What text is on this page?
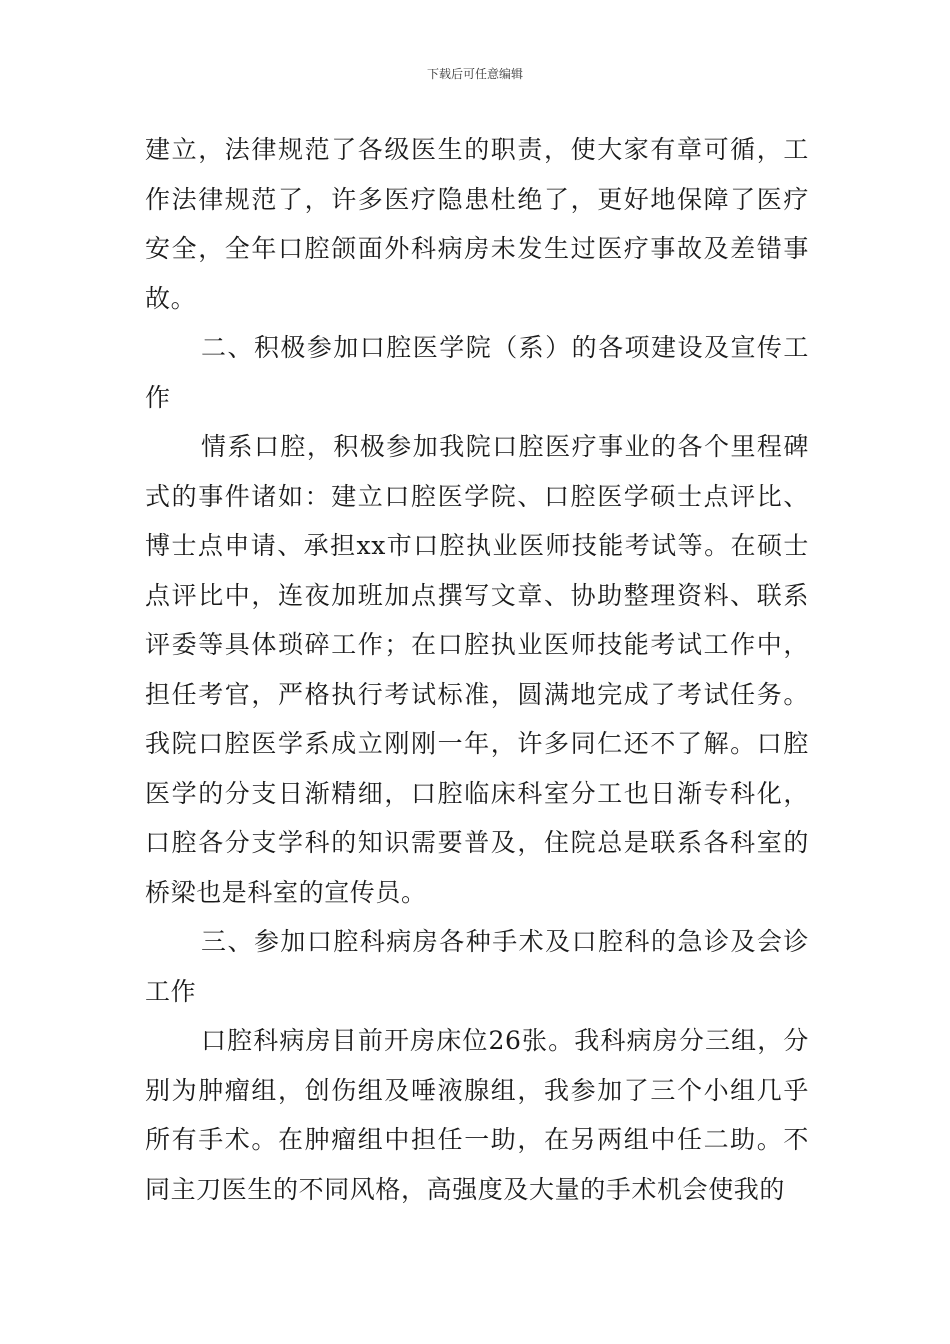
下载后可任意编辑

建立，法律规范了各级医生的职责，使大家有章可循，工作法律规范了，许多医疗隐患杜绝了，更好地保障了医疗安全，全年口腔颌面外科病房未发生过医疗事故及差错事故。

二、积极参加口腔医学院（系）的各项建设及宣传工作

情系口腔，积极参加我院口腔医疗事业的各个里程碑式的事件诸如：建立口腔医学院、口腔医学硕士点评比、博士点申请、承担xx市口腔执业医师技能考试等。在硕士点评比中，连夜加班加点撰写文章、协助整理资料、联系评委等具体琐碎工作；在口腔执业医师技能考试工作中，担任考官，严格执行考试标准，圆满地完成了考试任务。我院口腔医学系成立刚刚一年，许多同仁还不了解。口腔医学的分支日渐精细，口腔临床科室分工也日渐专科化，口腔各分支学科的知识需要普及，住院总是联系各科室的桥梁也是科室的宣传员。

三、参加口腔科病房各种手术及口腔科的急诊及会诊工作

口腔科病房目前开房床位26张。我科病房分三组，分别为肿瘤组，创伤组及唾液腺组，我参加了三个小组几乎所有手术。在肿瘤组中担任一助，在另两组中任二助。不同主刀医生的不同风格，高强度及大量的手术机会使我的
